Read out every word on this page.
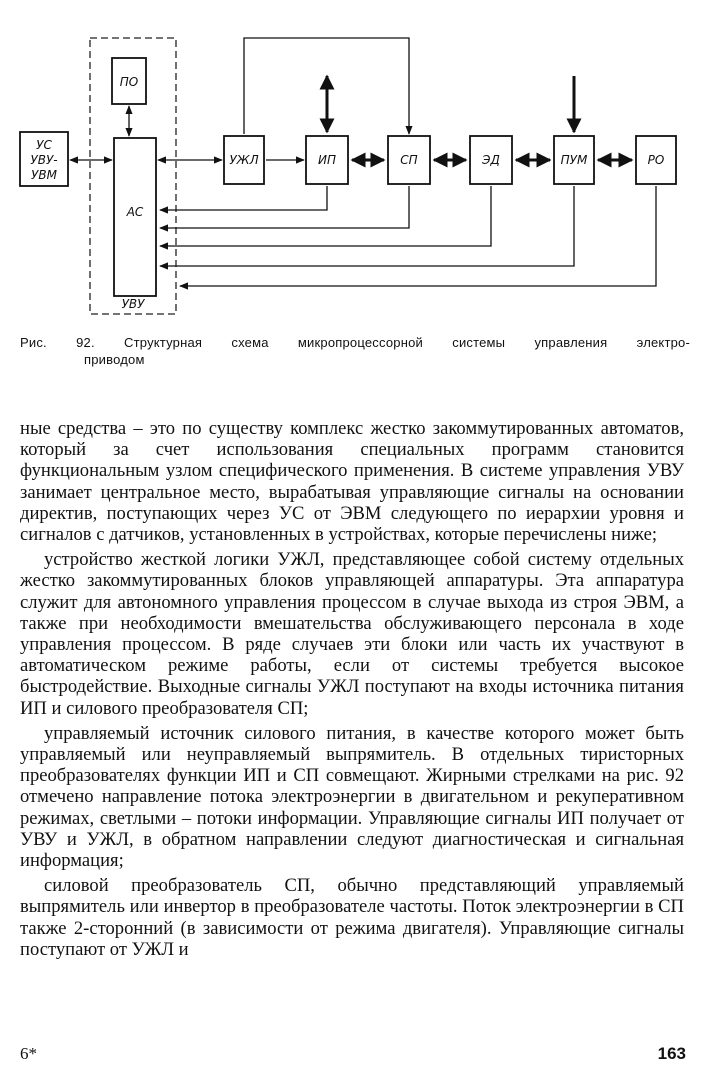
ПО
УС
УВУ-
УВМ
АС
УВУ
УЖЛ	ИП	СП	ЭД	ПУМ	РО
Рис. 92. Структурная схема микропроцессорной системы управления электро-
приводом

ные средства – это по существу комплекс жестко закоммутированных автоматов, который за счет использования специальных программ становится функциональным узлом специфического применения. В системе управления УВУ занимает центральное место, вырабатывая управляющие сигналы на основании директив, поступающих через УС от ЭВМ следующего по иерархии уровня и сигналов с датчиков, установленных в устройствах, которые перечислены ниже;

устройство жесткой логики УЖЛ, представляющее собой систему отдельных жестко закоммутированных блоков управляющей аппаратуры. Эта аппаратура служит для автономного управления процессом в случае выхода из строя ЭВМ, а также при необходимости вмешательства обслуживающего персонала в ходе управления процессом. В ряде случаев эти блоки или часть их участвуют в автоматическом режиме работы, если от системы требуется высокое быстродействие. Выходные сигналы УЖЛ поступают на входы источника питания ИП и силового преобразователя СП;

управляемый источник силового питания, в качестве которого может быть управляемый или неуправляемый выпрямитель. В отдельных тиристорных преобразователях функции ИП и СП совмещают. Жирными стрелками на рис. 92 отмечено направление потока электроэнергии в двигательном и рекуперативном режимах, светлыми – потоки информации. Управляющие сигналы ИП получает от УВУ и УЖЛ, в обратном направлении следуют диагностическая и сигнальная информация;

силовой преобразователь СП, обычно представляющий управляемый выпрямитель или инвертор в преобразователе частоты. Поток электроэнергии в СП также 2-сторонний (в зависимости от режима двигателя). Управляющие сигналы поступают от УЖЛ и

6*	163
